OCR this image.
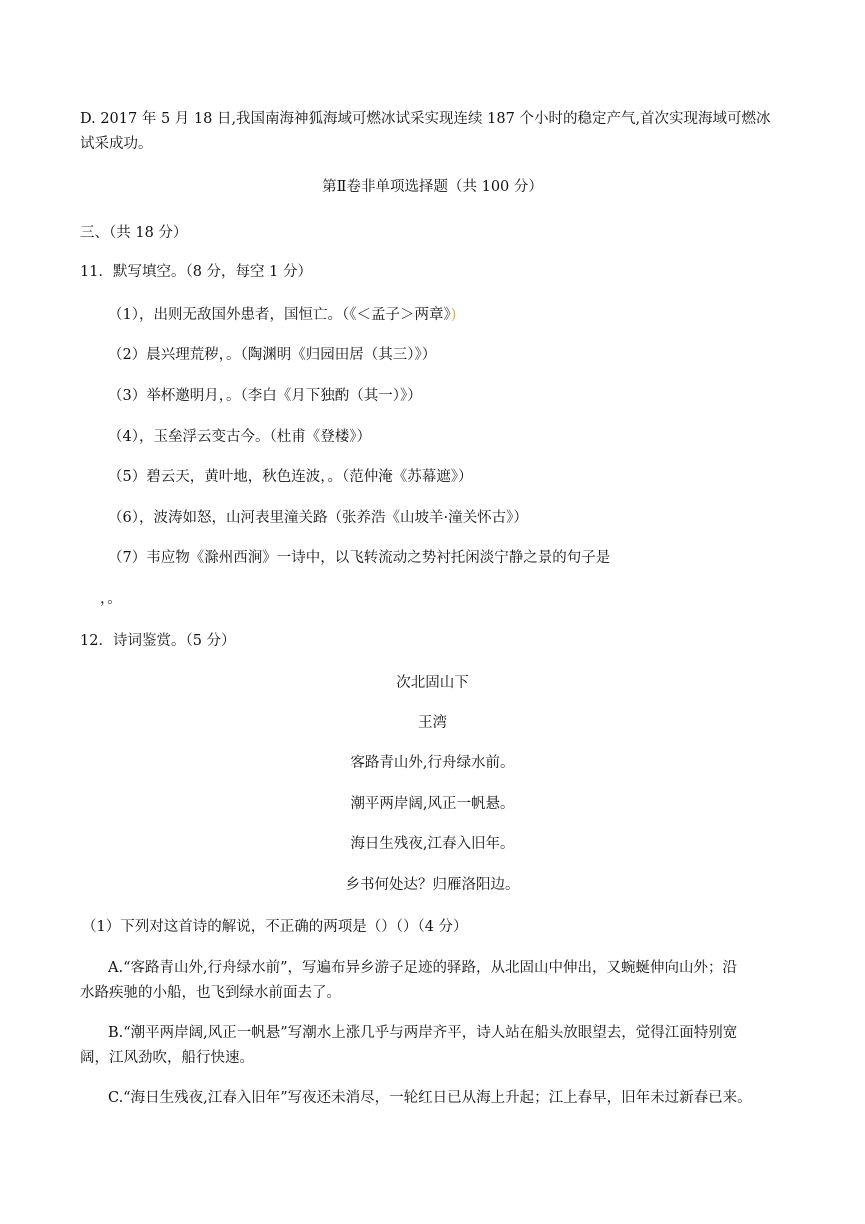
D. 2017 年 5 月 18 日,我国南海神狐海域可燃冰试采实现连续 187 个小时的稳定产气,首次实现海域可燃冰
试采成功。
第Ⅱ卷非单项选择题（共 100 分）
三、（共 18 分）
11．默写填空。（8 分，每空 1 分）
（1），出则无敌国外患者，国恒亡。（《＜孟子＞两章》)
（2）晨兴理荒秽，。（陶渊明《归园田居（其三）》）
（3）举杯邀明月，。（李白《月下独酌（其一）》）
（4），玉垒浮云变古今。（杜甫《登楼》）
（5）碧云天，黄叶地，秋色连波，。（范仲淹《苏幕遮》）
（6），波涛如怒，山河表里潼关路（张养浩《山坡羊·潼关怀古》）
（7）韦应物《滁州西涧》一诗中，以飞转流动之势衬托闲淡宁静之景的句子是
，。
12．诗词鉴赏。（5 分）
次北固山下
王湾
客路青山外,行舟绿水前。
潮平两岸阔,风正一帆悬。
海日生残夜,江春入旧年。
乡书何处达？归雁洛阳边。
（1）下列对这首诗的解说，不正确的两项是（）（）（4 分）
A.“客路青山外,行舟绿水前”，写遍布异乡游子足迹的驿路，从北固山中伸出，又蜿蜒伸向山外；沿
水路疾驰的小船，也飞到绿水前面去了。
B.“潮平两岸阔,风正一帆悬”写潮水上涨几乎与两岸齐平，诗人站在船头放眼望去，觉得江面特别宽
阔，江风劲吹，船行快速。
C.“海日生残夜,江春入旧年”写夜还未消尽，一轮红日已从海上升起；江上春早，旧年未过新春已来。
